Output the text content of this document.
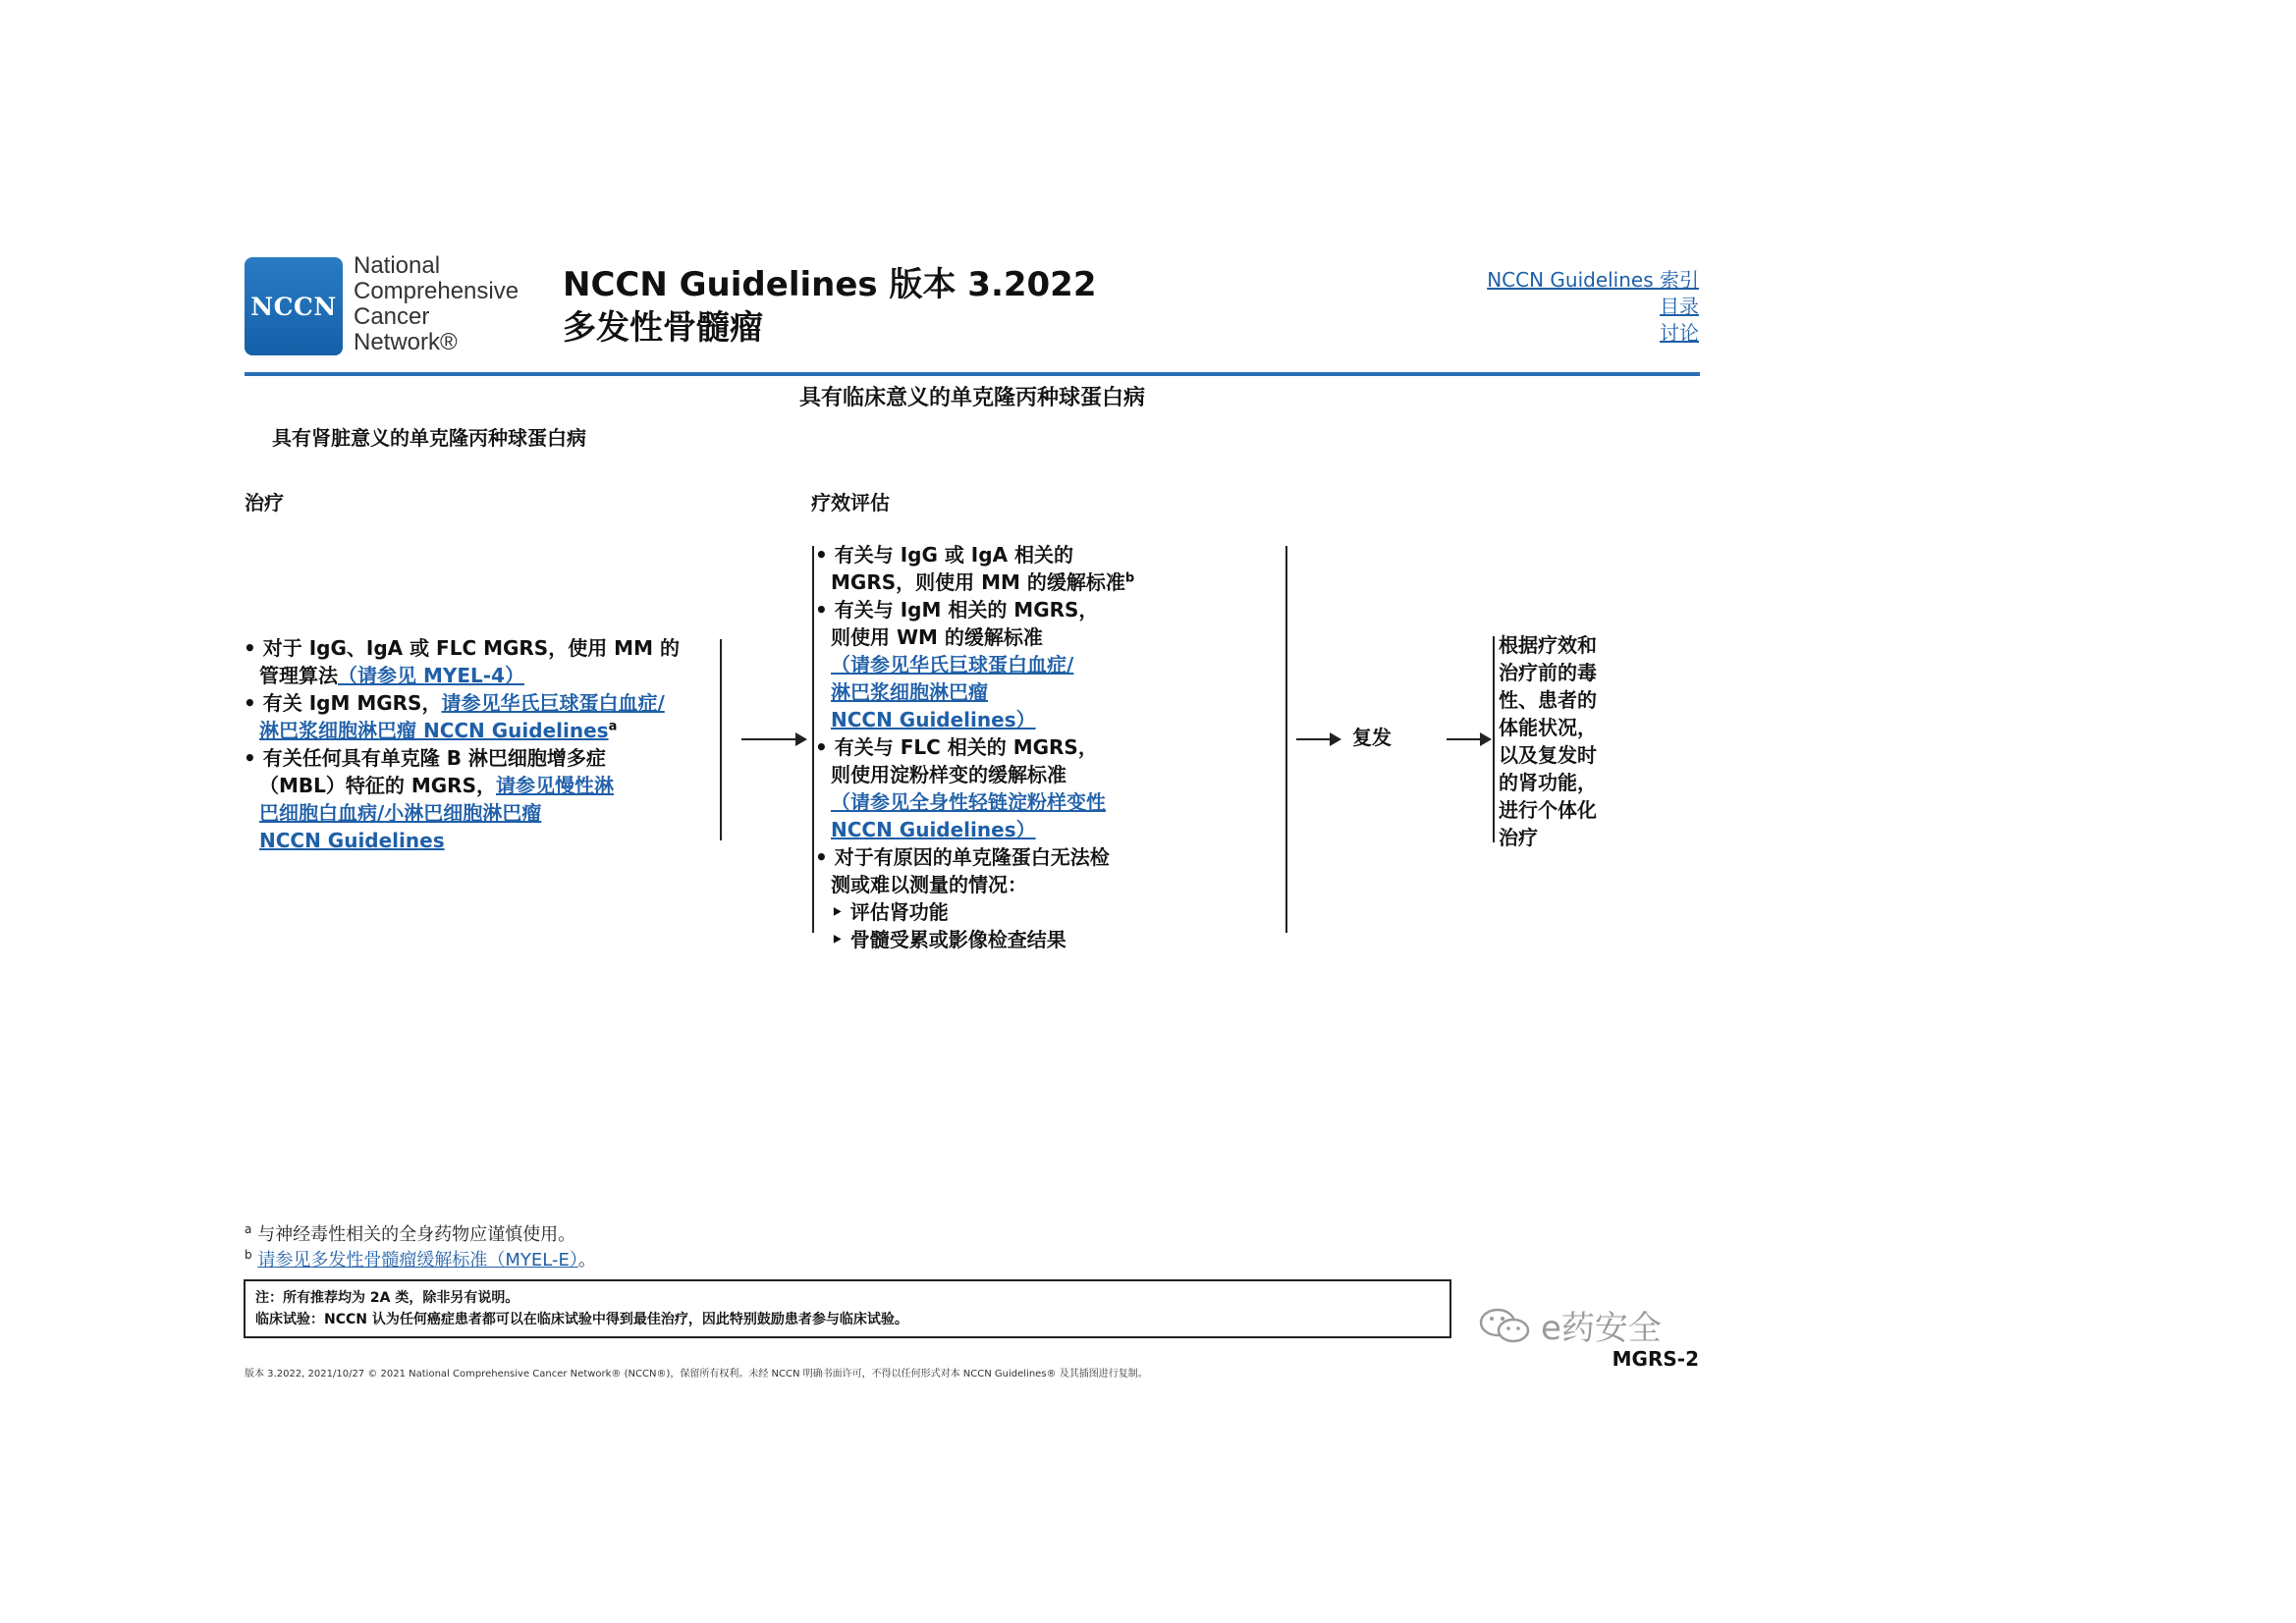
NCCN
National
Comprehensive
Cancer
Network®
NCCN Guidelines 版本 3.2022
多发性骨髓瘤
NCCN Guidelines 索引
目录
讨论
具有临床意义的单克隆丙种球蛋白病
具有肾脏意义的单克隆丙种球蛋白病
治疗	疗效评估
• 对于 IgG、IgA 或 FLC MGRS，使用 MM 的
管理算法（请参见 MYEL-4）
• 有关 IgM MGRS，请参见华氏巨球蛋白血症/
淋巴浆细胞淋巴瘤 NCCN Guidelines$^a$
• 有关任何具有单克隆 B 淋巴细胞增多症
（MBL）特征的 MGRS，请参见慢性淋
巴细胞白血病/小淋巴细胞淋巴瘤
NCCN Guidelines
• 有关与 IgG 或 IgA 相关的
MGRS，则使用 MM 的缓解标准$^b$
• 有关与 IgM 相关的 MGRS，
则使用 WM 的缓解标准
（请参见华氏巨球蛋白血症/
淋巴浆细胞淋巴瘤
NCCN Guidelines）
• 有关与 FLC 相关的 MGRS，
则使用淀粉样变的缓解标准
（请参见全身性轻链淀粉样变性
NCCN Guidelines）
• 对于有原因的单克隆蛋白无法检
测或难以测量的情况：
‣ 评估肾功能
‣ 骨髓受累或影像检查结果
复发
根据疗效和
治疗前的毒
性、患者的
体能状况，
以及复发时
的肾功能，
进行个体化
治疗
$^a$ 与神经毒性相关的全身药物应谨慎使用。
$^b$ 请参见多发性骨髓瘤缓解标准（MYEL-E）。
注：所有推荐均为 2A 类，除非另有说明。
临床试验：NCCN 认为任何癌症患者都可以在临床试验中得到最佳治疗，因此特别鼓励患者参与临床试验。	e药安全
MGRS-2
版本 3.2022, 2021/10/27 © 2021 National Comprehensive Cancer Network® (NCCN®)，保留所有权利。未经 NCCN 明确书面许可，不得以任何形式对本 NCCN Guidelines® 及其插图进行复制。
